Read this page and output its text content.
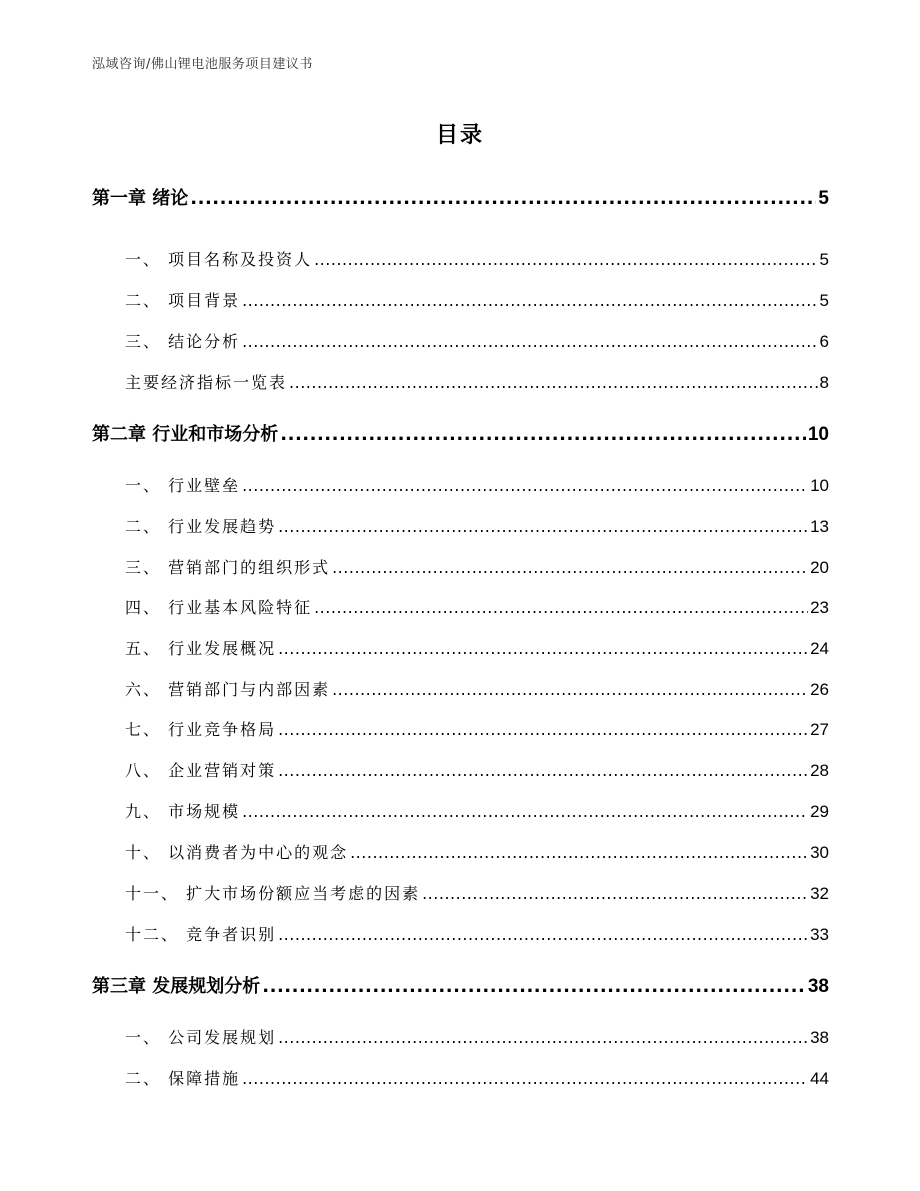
泓域咨询/佛山锂电池服务项目建议书
目录
第一章 绪论 .....	5
一、 项目名称及投资人 .....	5
二、 项目背景 .....	5
三、 结论分析 .....	6
主要经济指标一览表 .....	8
第二章 行业和市场分析 .....	10
一、 行业壁垒 .....	10
二、 行业发展趋势 .....	13
三、 营销部门的组织形式 .....	20
四、 行业基本风险特征 .....	23
五、 行业发展概况 .....	24
六、 营销部门与内部因素 .....	26
七、 行业竞争格局 .....	27
八、 企业营销对策 .....	28
九、 市场规模 .....	29
十、 以消费者为中心的观念 .....	30
十一、 扩大市场份额应当考虑的因素 .....	32
十二、 竞争者识别 .....	33
第三章 发展规划分析 .....	38
一、 公司发展规划 .....	38
二、 保障措施 .....	44
